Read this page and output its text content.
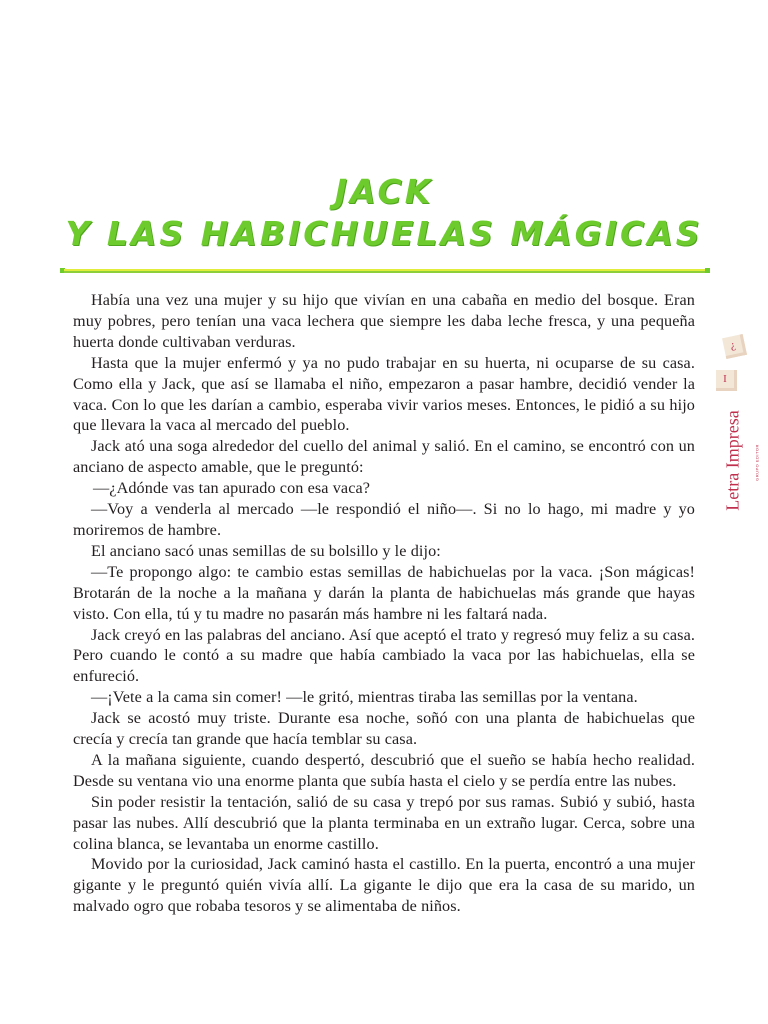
JACK
Y LAS HABICHUELAS MÁGICAS

Había una vez una mujer y su hijo que vivían en una cabaña en medio del bosque. Eran muy pobres, pero tenían una vaca lechera que siempre les daba leche fresca, y una pequeña huerta donde cultivaban verduras.

Hasta que la mujer enfermó y ya no pudo trabajar en su huerta, ni ocuparse de su casa. Como ella y Jack, que así se llamaba el niño, empezaron a pasar hambre, decidió vender la vaca. Con lo que les darían a cambio, esperaba vivir varios meses. Entonces, le pidió a su hijo que llevara la vaca al mercado del pueblo.

Jack ató una soga alrededor del cuello del animal y salió. En el camino, se encontró con un anciano de aspecto amable, que le preguntó:

—¿Adónde vas tan apurado con esa vaca?

—Voy a venderla al mercado —le respondió el niño—. Si no lo hago, mi madre y yo moriremos de hambre.

El anciano sacó unas semillas de su bolsillo y le dijo:

—Te propongo algo: te cambio estas semillas de habichuelas por la vaca. ¡Son mágicas! Brotarán de la noche a la mañana y darán la planta de habichuelas más grande que hayas visto. Con ella, tú y tu madre no pasarán más hambre ni les faltará nada.

Jack creyó en las palabras del anciano. Así que aceptó el trato y regresó muy feliz a su casa. Pero cuando le contó a su madre que había cambiado la vaca por las habichuelas, ella se enfureció.

—¡Vete a la cama sin comer! —le gritó, mientras tiraba las semillas por la ventana.

Jack se acostó muy triste. Durante esa noche, soñó con una planta de habichuelas que crecía y crecía tan grande que hacía temblar su casa.

A la mañana siguiente, cuando despertó, descubrió que el sueño se había hecho realidad. Desde su ventana vio una enorme planta que subía hasta el cielo y se perdía entre las nubes.

Sin poder resistir la tentación, salió de su casa y trepó por sus ramas. Subió y subió, hasta pasar las nubes. Allí descubrió que la planta terminaba en un extraño lugar. Cerca, sobre una colina blanca, se levantaba un enorme castillo.

Movido por la curiosidad, Jack caminó hasta el castillo. En la puerta, encontró a una mujer gigante y le preguntó quién vivía allí. La gigante le dijo que era la casa de su marido, un malvado ogro que robaba tesoros y se alimentaba de niños.

¿
I
Letra Impresa	GRUPO EDITOR
